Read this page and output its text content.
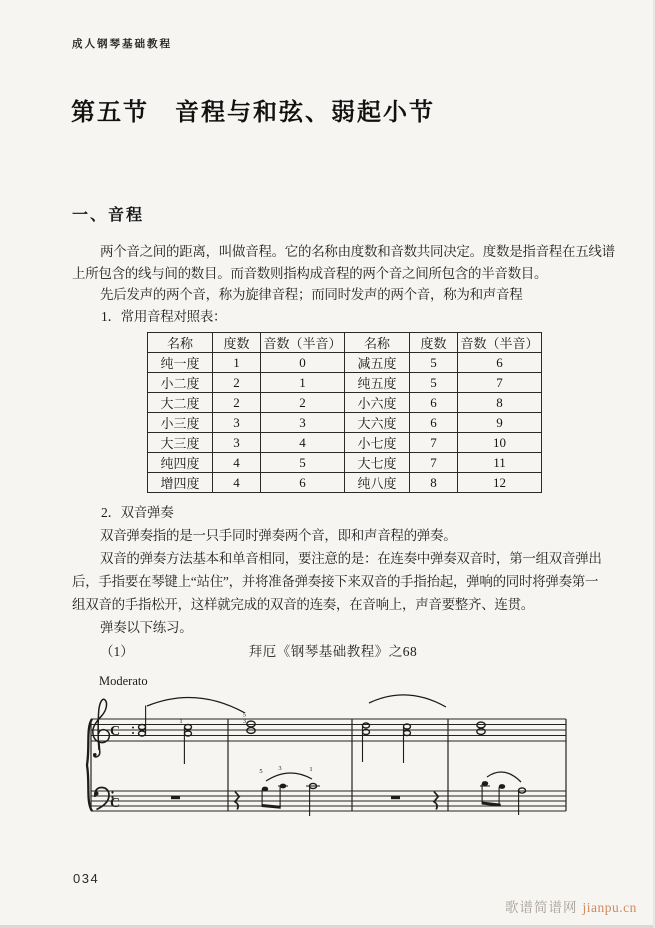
成人钢琴基础教程
第五节　音程与和弦、弱起小节
一、音程
两个音之间的距离，叫做音程。它的名称由度数和音数共同决定。度数是指音程在五线谱
上所包含的线与间的数目。而音数则指构成音程的两个音之间所包含的半音数目。
先后发声的两个音，称为旋律音程；而同时发声的两个音，称为和声音程
1．常用音程对照表：
名称	度数	音数（半音）	名称	度数	音数（半音）
纯一度	1	0	减五度	5	6
小二度	2	1	纯五度	5	7
大二度	2	2	小六度	6	8
小三度	3	3	大六度	6	9
大三度	3	4	小七度	7	10
纯四度	4	5	大七度	7	11
增四度	4	6	纯八度	8	12
2．双音弹奏
双音弹奏指的是一只手同时弹奏两个音，即和声音程的弹奏。
双音的弹奏方法基本和单音相同，要注意的是：在连奏中弹奏双音时，第一组双音弹出
后，手指要在琴键上“站住”，并将准备弹奏接下来双音的手指抬起，弹响的同时将弹奏第一
组双音的手指松开，这样就完成的双音的连奏，在音响上，声音要整齐、连贯。
弹奏以下练习。
（1）	拜厄《钢琴基础教程》之68
Moderato
C
C
1
5
3
5 3	1
034
歌谱简谱网 jianpu.cn
